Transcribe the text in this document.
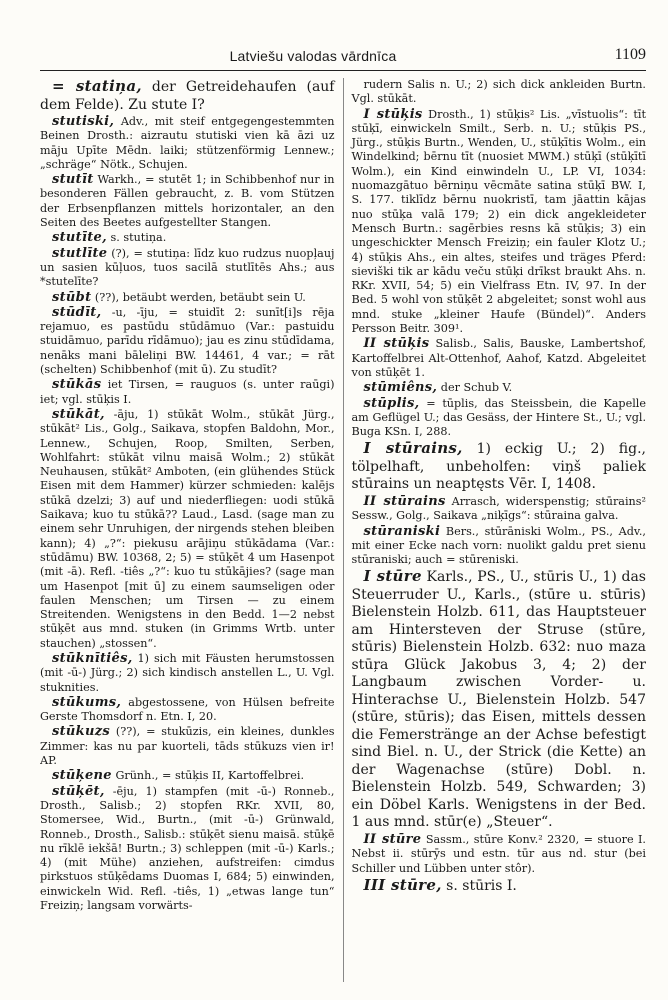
Latviešu valodas vārdnīca	1109

= statiņa, der Getreidehaufen (auf dem Felde). Zu stute I?

stutiski, Adv., mit steif entgegengestemmten Beinen Drosth.: aizrautu stutiski vien kā āzi uz māju Upīte Mēdn. laiki; stützenförmig Lennew.; „schräge“ Nötk., Schujen.

stutīt Warkh., = stutēt 1; in Schibbenhof nur in besonderen Fällen gebraucht, z. B. vom Stützen der Erbsenpflanzen mittels horizontaler, an den Seiten des Beetes aufgestellter Stangen.

stutīte, s. stutiņa.

stutlīte (?), = stutiņa: līdz kuo rudzus nuopļauj un sasien kūļuos, tuos sacilā stutlītēs Ahs.; aus *stutelīte?

stūbt (??), betäubt werden, betäubt sein U.

stūdīt, -u, -īju, = stuidīt 2: sunīt[i]s rēja rejamuo, es pastūdu stūdāmuo (Var.: pastuidu stuidāmuo, parīdu rīdāmuo); jau es zinu stūdīdama, nenāks mani bāleliņi BW. 14461, 4 var.; = rāt (schelten) Schibbenhof (mit ū). Zu studīt?

stūkās iet Tirsen, = rauguos (s. unter raūgi) iet; vgl. stūķis I.

stūkāt, -āju, 1) stūkāt Wolm., stūkāt Jürg., stūkāt² Lis., Golg., Saikava, stopfen Baldohn, Mor., Lennew., Schujen, Roop, Smilten, Serben, Wohlfahrt: stūkāt vilnu maisā Wolm.; 2) stūkāt Neuhausen, stūkāt² Amboten, (ein glühendes Stück Eisen mit dem Hammer) kürzer schmieden: kalējs stūkā dzelzi; 3) auf und niederfliegen: uodi stūkā Saikava; kuo tu stūkā?? Laud., Lasd. (sage man zu einem sehr Unruhigen, der nirgends stehen bleiben kann); 4) „?“: piekusu arājiņu stūkādama (Var.: stūdāmu) BW. 10368, 2; 5) = stūķēt 4 um Hasenpot (mit -ā). Refl. -tiês „?“: kuo tu stūkājies? (sage man um Hasenpot [mit ū] zu einem saumseligen oder faulen Menschen; um Tirsen — zu einem Streitenden. Wenigstens in den Bedd. 1—2 nebst stūķēt aus mnd. stuken (in Grimms Wrtb. unter stauchen) „stossen“.

stūknītiês, 1) sich mit Fäusten herumstossen (mit -ū-) Jürg.; 2) sich kindisch anstellen L., U. Vgl. stuknities.

stūkums, abgestossene, von Hülsen befreite Gerste Thomsdorf n. Etn. I, 20.

stūkuzs (??), = stukūzis, ein kleines, dunkles Zimmer: kas nu par kuorteli, tāds stūkuzs vien ir! AP.

stūķene Grünh., = stūķis II, Kartoffelbrei.

stūķēt, -ēju, 1) stampfen (mit -ū-) Ronneb., Drosth., Salisb.; 2) stopfen RKr. XVII, 80, Stomersee, Wid., Burtn., (mit -ū-) Grünwald, Ronneb., Drosth., Salisb.: stūķēt sienu maisā. stūķē nu rīklē iekšā! Burtn.; 3) schleppen (mit -ū-) Karls.; 4) (mit Mühe) anziehen, aufstreifen: cimdus pirkstuos stūķēdams Duomas I, 684; 5) einwinden, einwickeln Wid. Refl. -tiês, 1) „etwas lange tun“ Freiziņ; langsam vorwärts-

rudern Salis n. U.; 2) sich dick ankleiden Burtn. Vgl. stūkāt.

I stūķis Drosth., 1) stūķis² Lis. „vīstuolis“: tīt stūķī, einwickeln Smilt., Serb. n. U.; stūķis PS., Jürg., stūķis Burtn., Wenden, U., stūķītis Wolm., ein Windelkind; bērnu tīt (nuosiet MWM.) stūķī (stūķītī Wolm.), ein Kind einwindeln U., LP. VI, 1034: nuomazgātuo bērniņu vēcmāte satina stūķī BW. I, S. 177. tiklīdz bērnu nuokristī, tam jāattin kājas nuo stūķa valā 179; 2) ein dick angekleideter Mensch Burtn.: sagērbies resns kā stūķis; 3) ein ungeschickter Mensch Freiziņ; ein fauler Klotz U.; 4) stūķis Ahs., ein altes, steifes und träges Pferd: sieviški tik ar kādu veču stūķi drīkst braukt Ahs. n. RKr. XVII, 54; 5) ein Vielfrass Etn. IV, 97. In der Bed. 5 wohl von stūķēt 2 abgeleitet; sonst wohl aus mnd. stuke „kleiner Haufe (Bündel)“. Anders Persson Beitr. 309¹.

II stūķis Salisb., Salis, Bauske, Lambertshof, Kartoffelbrei Alt-Ottenhof, Aahof, Katzd. Abgeleitet von stūķēt 1.

stūmiêns, der Schub V.

stūplis, = tūplis, das Steissbein, die Kapelle am Geflügel U.; das Gesäss, der Hintere St., U.; vgl. Buga KSn. I, 288.

I stūrains, 1) eckig U.; 2) fig., tölpelhaft, unbeholfen: viņš paliek stūrains un neaptęsts Vēr. I, 1408.

II stūrains Arrasch, widerspenstig; stūrains² Sessw., Golg., Saikava „niķīgs“: stūraina galva.

stūraniski Bers., stūrāniski Wolm., PS., Adv., mit einer Ecke nach vorn: nuolikt galdu pret sienu stūraniski; auch = stūreniski.

I stūre Karls., PS., U., stūris U., 1) das Steuerruder U., Karls., (stūre u. stūris) Bielenstein Holzb. 611, das Hauptsteuer am Hintersteven der Struse (stūre, stūris) Bielenstein Holzb. 632: nuo maza stūŗa Glück Jakobus 3, 4; 2) der Langbaum zwischen Vorder- u. Hinterachse U., Bielenstein Holzb. 547 (stūre, stūris); das Eisen, mittels dessen die Femerstränge an der Achse befestigt sind Biel. n. U., der Strick (die Kette) an der Wagenachse (stūre) Dobl. n. Bielenstein Holzb. 549, Schwarden; 3) ein Döbel Karls. Wenigstens in der Bed. 1 aus mnd. stūr(e) „Steuer“.

II stūre Sassm., stūre Konv.² 2320, = stuore I. Nebst ii. stūrȳs und estn. tūr aus nd. stur (bei Schiller und Lübben unter stôr).

III stūre, s. stūris I.
